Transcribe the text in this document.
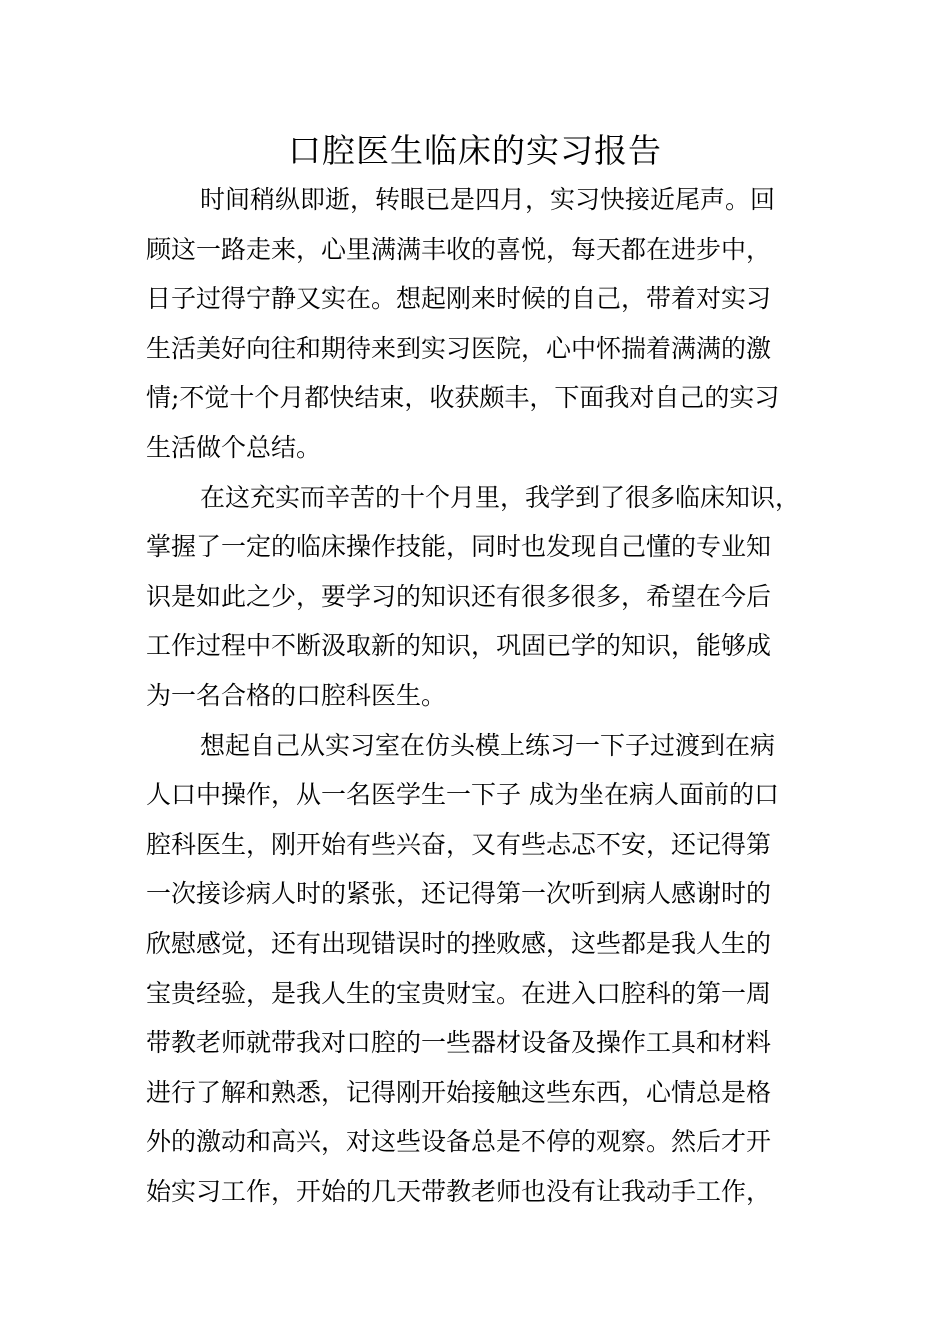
口腔医生临床的实习报告
时间稍纵即逝，转眼已是四月，实习快接近尾声。回
顾这一路走来，心里满满丰收的喜悦，每天都在进步中，
日子过得宁静又实在。想起刚来时候的自己，带着对实习
生活美好向往和期待来到实习医院，心中怀揣着满满的激
情;不觉十个月都快结束，收获颇丰，下面我对自己的实习
生活做个总结。
在这充实而辛苦的十个月里，我学到了很多临床知识，
掌握了一定的临床操作技能，同时也发现自己懂的专业知
识是如此之少，要学习的知识还有很多很多，希望在今后
工作过程中不断汲取新的知识，巩固已学的知识，能够成
为一名合格的口腔科医生。
想起自己从实习室在仿头模上练习一下子过渡到在病
人口中操作，从一名医学生一下子 成为坐在病人面前的口
腔科医生，刚开始有些兴奋，又有些忐忑不安，还记得第
一次接诊病人时的紧张，还记得第一次听到病人感谢时的
欣慰感觉，还有出现错误时的挫败感，这些都是我人生的
宝贵经验，是我人生的宝贵财宝。在进入口腔科的第一周
带教老师就带我对口腔的一些器材设备及操作工具和材料
进行了解和熟悉，记得刚开始接触这些东西，心情总是格
外的激动和高兴，对这些设备总是不停的观察。然后才开
始实习工作，开始的几天带教老师也没有让我动手工作，
